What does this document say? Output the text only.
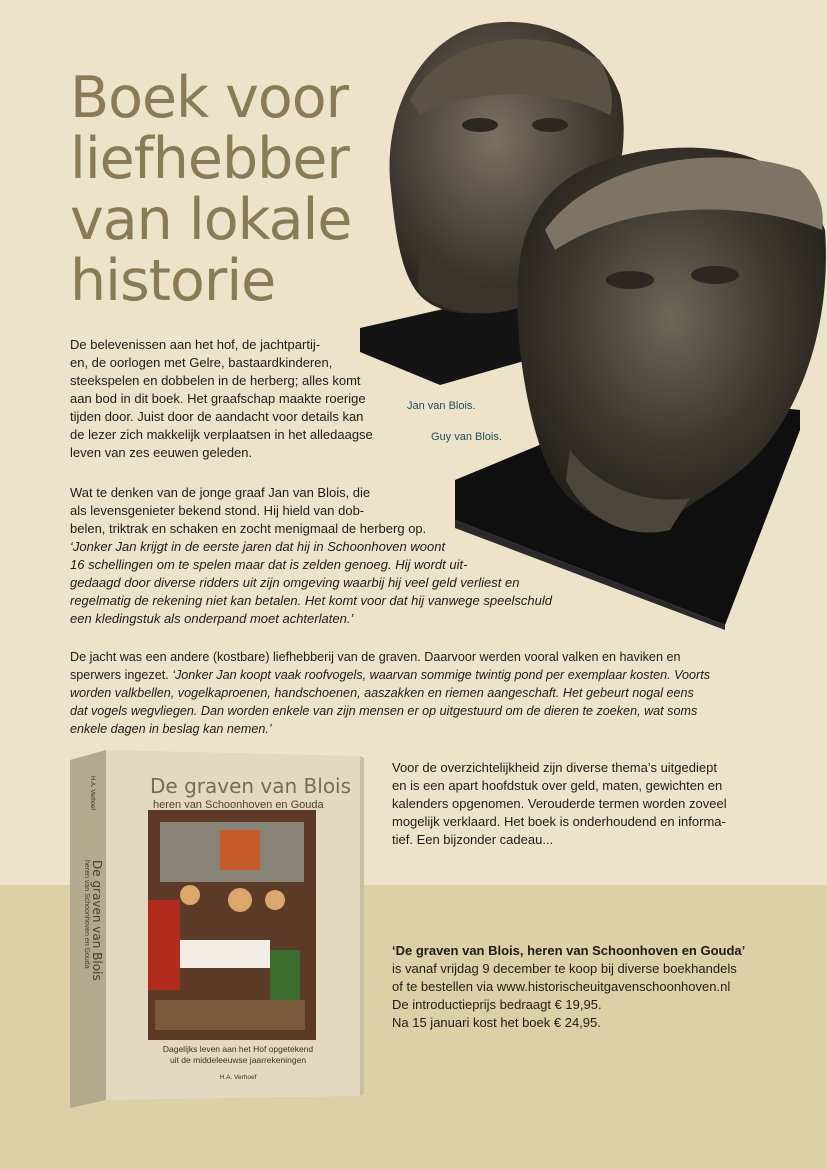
Boek voor liefhebber van lokale historie
Jan van Blois.
Guy van Blois.
De belevenissen aan het hof, de jachtpartij-
en, de oorlogen met Gelre, bastaardkinderen,
steekspelen en dobbelen in de herberg; alles komt
aan bod in dit boek. Het graafschap maakte roerige
tijden door. Juist door de aandacht voor details kan
de lezer zich makkelijk verplaatsen in het alledaagse
leven van zes eeuwen geleden.
Wat te denken van de jonge graaf Jan van Blois, die
als levensgenieter bekend stond. Hij hield van dob-
belen, triktrak en schaken en zocht menigmaal de herberg op.
‘Jonker Jan krijgt in de eerste jaren dat hij in Schoonhoven woont
16 schellingen om te spelen maar dat is zelden genoeg. Hij wordt uit-
gedaagd door diverse ridders uit zijn omgeving waarbij hij veel geld verliest en
regelmatig de rekening niet kan betalen. Het komt voor dat hij vanwege speelschuld
een kledingstuk als onderpand moet achterlaten.’
De jacht was een andere (kostbare) liefhebberij van de graven. Daarvoor werden vooral valken en haviken en
sperwers ingezet. ‘Jonker Jan koopt vaak roofvogels, waarvan sommige twintig pond per exemplaar kosten. Voorts
worden valkbellen, vogelkaproenen, handschoenen, aaszakken en riemen aangeschaft. Het gebeurt nogal eens
dat vogels wegvliegen. Dan worden enkele van zijn mensen er op uitgestuurd om de dieren te zoeken, wat soms
enkele dagen in beslag kan nemen.’
De graven van Blois
heren van Schoonhoven en Gouda
Dagelijks leven aan het Hof opgetekend
uit de middeleeuwse jaarrekeningen
H.A. Verhoef
H.A. Verhoef
De graven van Blois
heren van Schoonhoven en Gouda
Voor de overzichtelijkheid zijn diverse thema’s uitgediept
en is een apart hoofdstuk over geld, maten, gewichten en
kalenders opgenomen. Verouderde termen worden zoveel
mogelijk verklaard. Het boek is onderhoudend en informa-
tief. Een bijzonder cadeau...
‘De graven van Blois, heren van Schoonhoven en Gouda’
is vanaf vrijdag 9 december te koop bij diverse boekhandels
of te bestellen via www.historischeuitgavenschoonhoven.nl
De introductieprijs bedraagt € 19,95.
Na 15 januari kost het boek € 24,95.
